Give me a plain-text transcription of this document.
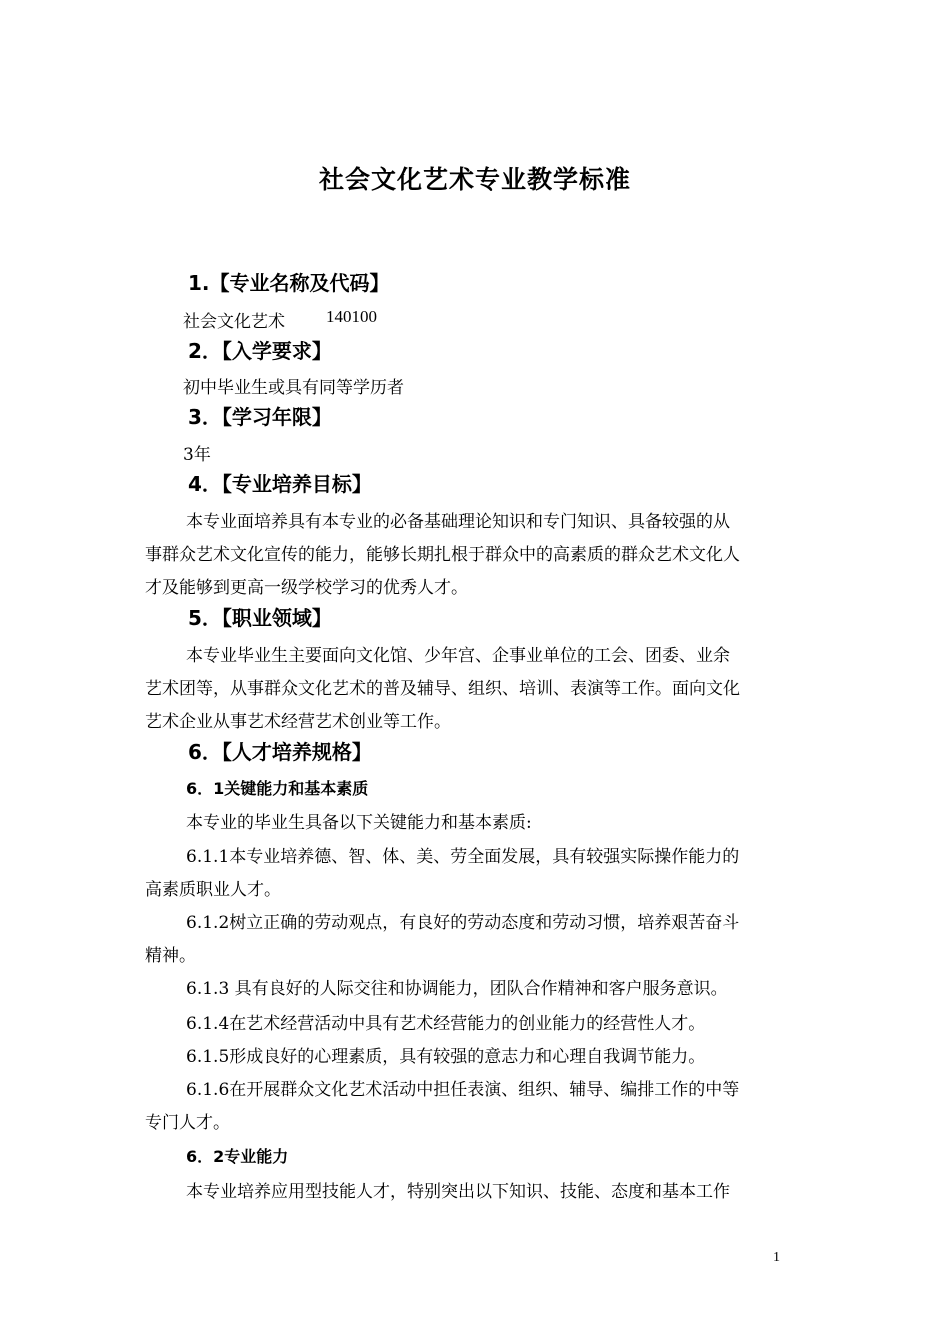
社会文化艺术专业教学标准
1.【专业名称及代码】
社会文化艺术 140100
2．【入学要求】
初中毕业生或具有同等学历者
3．【学习年限】
3年
4．【专业培养目标】
本专业面培养具有本专业的必备基础理论知识和专门知识、具备较强的从
事群众艺术文化宣传的能力，能够长期扎根于群众中的高素质的群众艺术文化人
才及能够到更高一级学校学习的优秀人才。
5．【职业领域】
本专业毕业生主要面向文化馆、少年宫、企事业单位的工会、团委、业余
艺术团等，从事群众文化艺术的普及辅导、组织、培训、表演等工作。面向文化
艺术企业从事艺术经营艺术创业等工作。
6．【人才培养规格】
6．1关键能力和基本素质
本专业的毕业生具备以下关键能力和基本素质:
6.1.1本专业培养德、智、体、美、劳全面发展，具有较强实际操作能力的
高素质职业人才。
6.1.2树立正确的劳动观点，有良好的劳动态度和劳动习惯，培养艰苦奋斗
精神。
6.1.3 具有良好的人际交往和协调能力，团队合作精神和客户服务意识。
6.1.4在艺术经营活动中具有艺术经营能力的创业能力的经营性人才。
6.1.5形成良好的心理素质，具有较强的意志力和心理自我调节能力。
6.1.6在开展群众文化艺术活动中担任表演、组织、辅导、编排工作的中等
专门人才。
6．2专业能力
本专业培养应用型技能人才，特别突出以下知识、技能、态度和基本工作
1
